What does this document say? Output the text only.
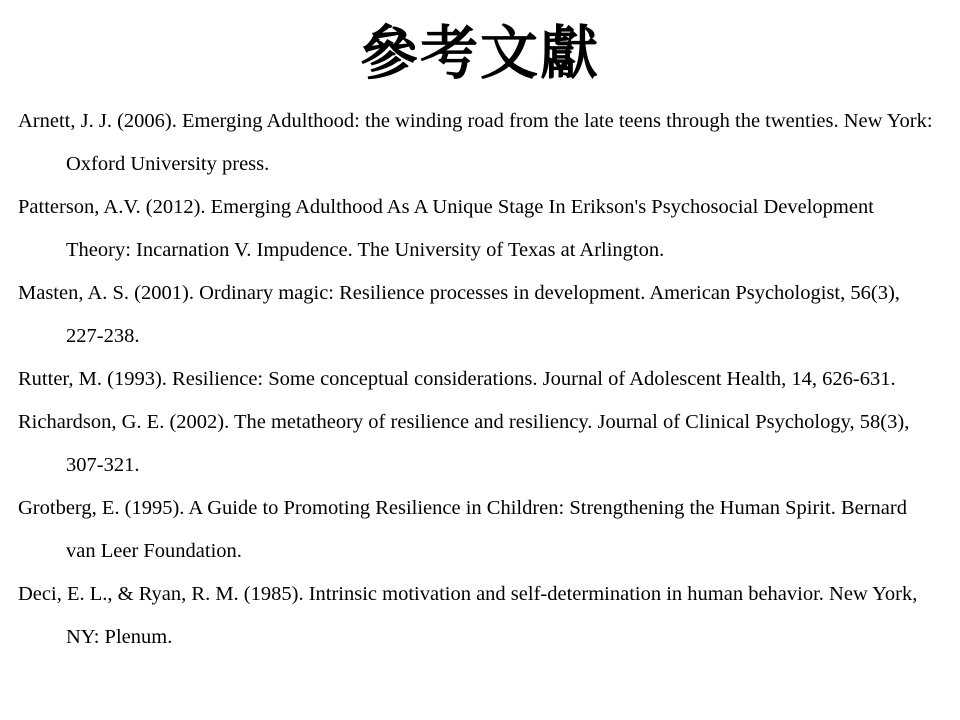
參考文獻
Arnett, J. J. (2006). Emerging Adulthood: the winding road from the late teens through the twenties. New York: Oxford University press.
Patterson, A.V. (2012). Emerging Adulthood As A Unique Stage In Erikson's Psychosocial Development Theory: Incarnation V. Impudence. The University of Texas at Arlington.
Masten, A. S. (2001). Ordinary magic: Resilience processes in development. American Psychologist, 56(3), 227-238.
Rutter, M. (1993). Resilience: Some conceptual considerations. Journal of Adolescent Health, 14, 626-631.
Richardson, G. E. (2002). The metatheory of resilience and resiliency. Journal of Clinical Psychology, 58(3), 307-321.
Grotberg, E. (1995). A Guide to Promoting Resilience in Children: Strengthening the Human Spirit. Bernard van Leer Foundation.
Deci, E. L., & Ryan, R. M. (1985). Intrinsic motivation and self-determination in human behavior. New York, NY: Plenum.
